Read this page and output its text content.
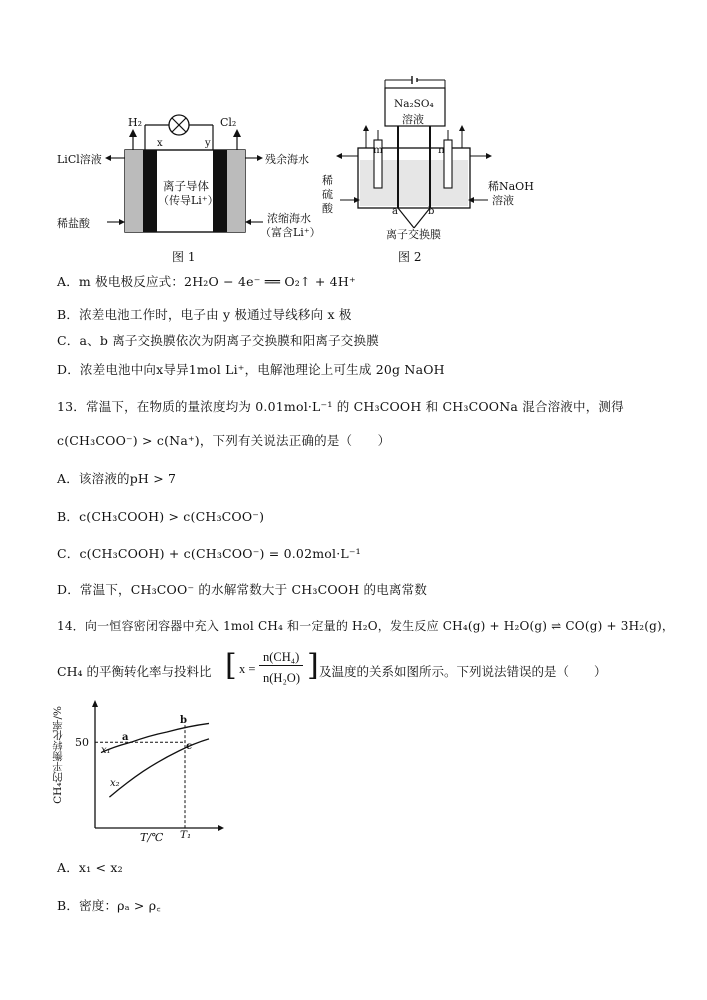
H₂	Cl₂
x	y
LiCl溶液
稀盐酸
残余海水
浓缩海水
（富含Li⁺）
离子导体
（传导Li⁺）
图 1
Na₂SO₄
溶液
m	n
稀
硫
酸
稀NaOH
溶液
a	b
离子交换膜
图 2
A．m 极电极反应式：2H₂O − 4e⁻ ══ O₂↑ + 4H⁺
B．浓差电池工作时，电子由 y 极通过导线移向 x 极
C．a、b 离子交换膜依次为阴离子交换膜和阳离子交换膜
D．浓差电池中向x导异1mol Li⁺，电解池理论上可生成 20g NaOH
13．常温下，在物质的量浓度均为 0.01mol·L⁻¹ 的 CH₃COOH 和 CH₃COONa 混合溶液中，测得
c(CH₃COO⁻) > c(Na⁺)，下列有关说法正确的是（　　）
A．该溶液的pH > 7
B．c(CH₃COOH) > c(CH₃COO⁻)
C．c(CH₃COOH) + c(CH₃COO⁻) = 0.02mol·L⁻¹
D．常温下，CH₃COO⁻ 的水解常数大于 CH₃COOH 的电离常数
14．向一恒容密闭容器中充入 1mol CH₄ 和一定量的 H₂O，发生反应 CH₄(g) + H₂O(g) ⇌ CO(g) + 3H₂(g)，
CH₄ 的平衡转化率与投料比 [ x =
n(CH₄)
n(H₂O) ] 及温度的关系如图所示。下列说法错误的是（　　）
CH₄的平衡转化率/% 50
T/℃ T₁
x₁
x₂
a
b
c
A．x₁ < x₂
B．密度：ρₐ > ρ꜀
